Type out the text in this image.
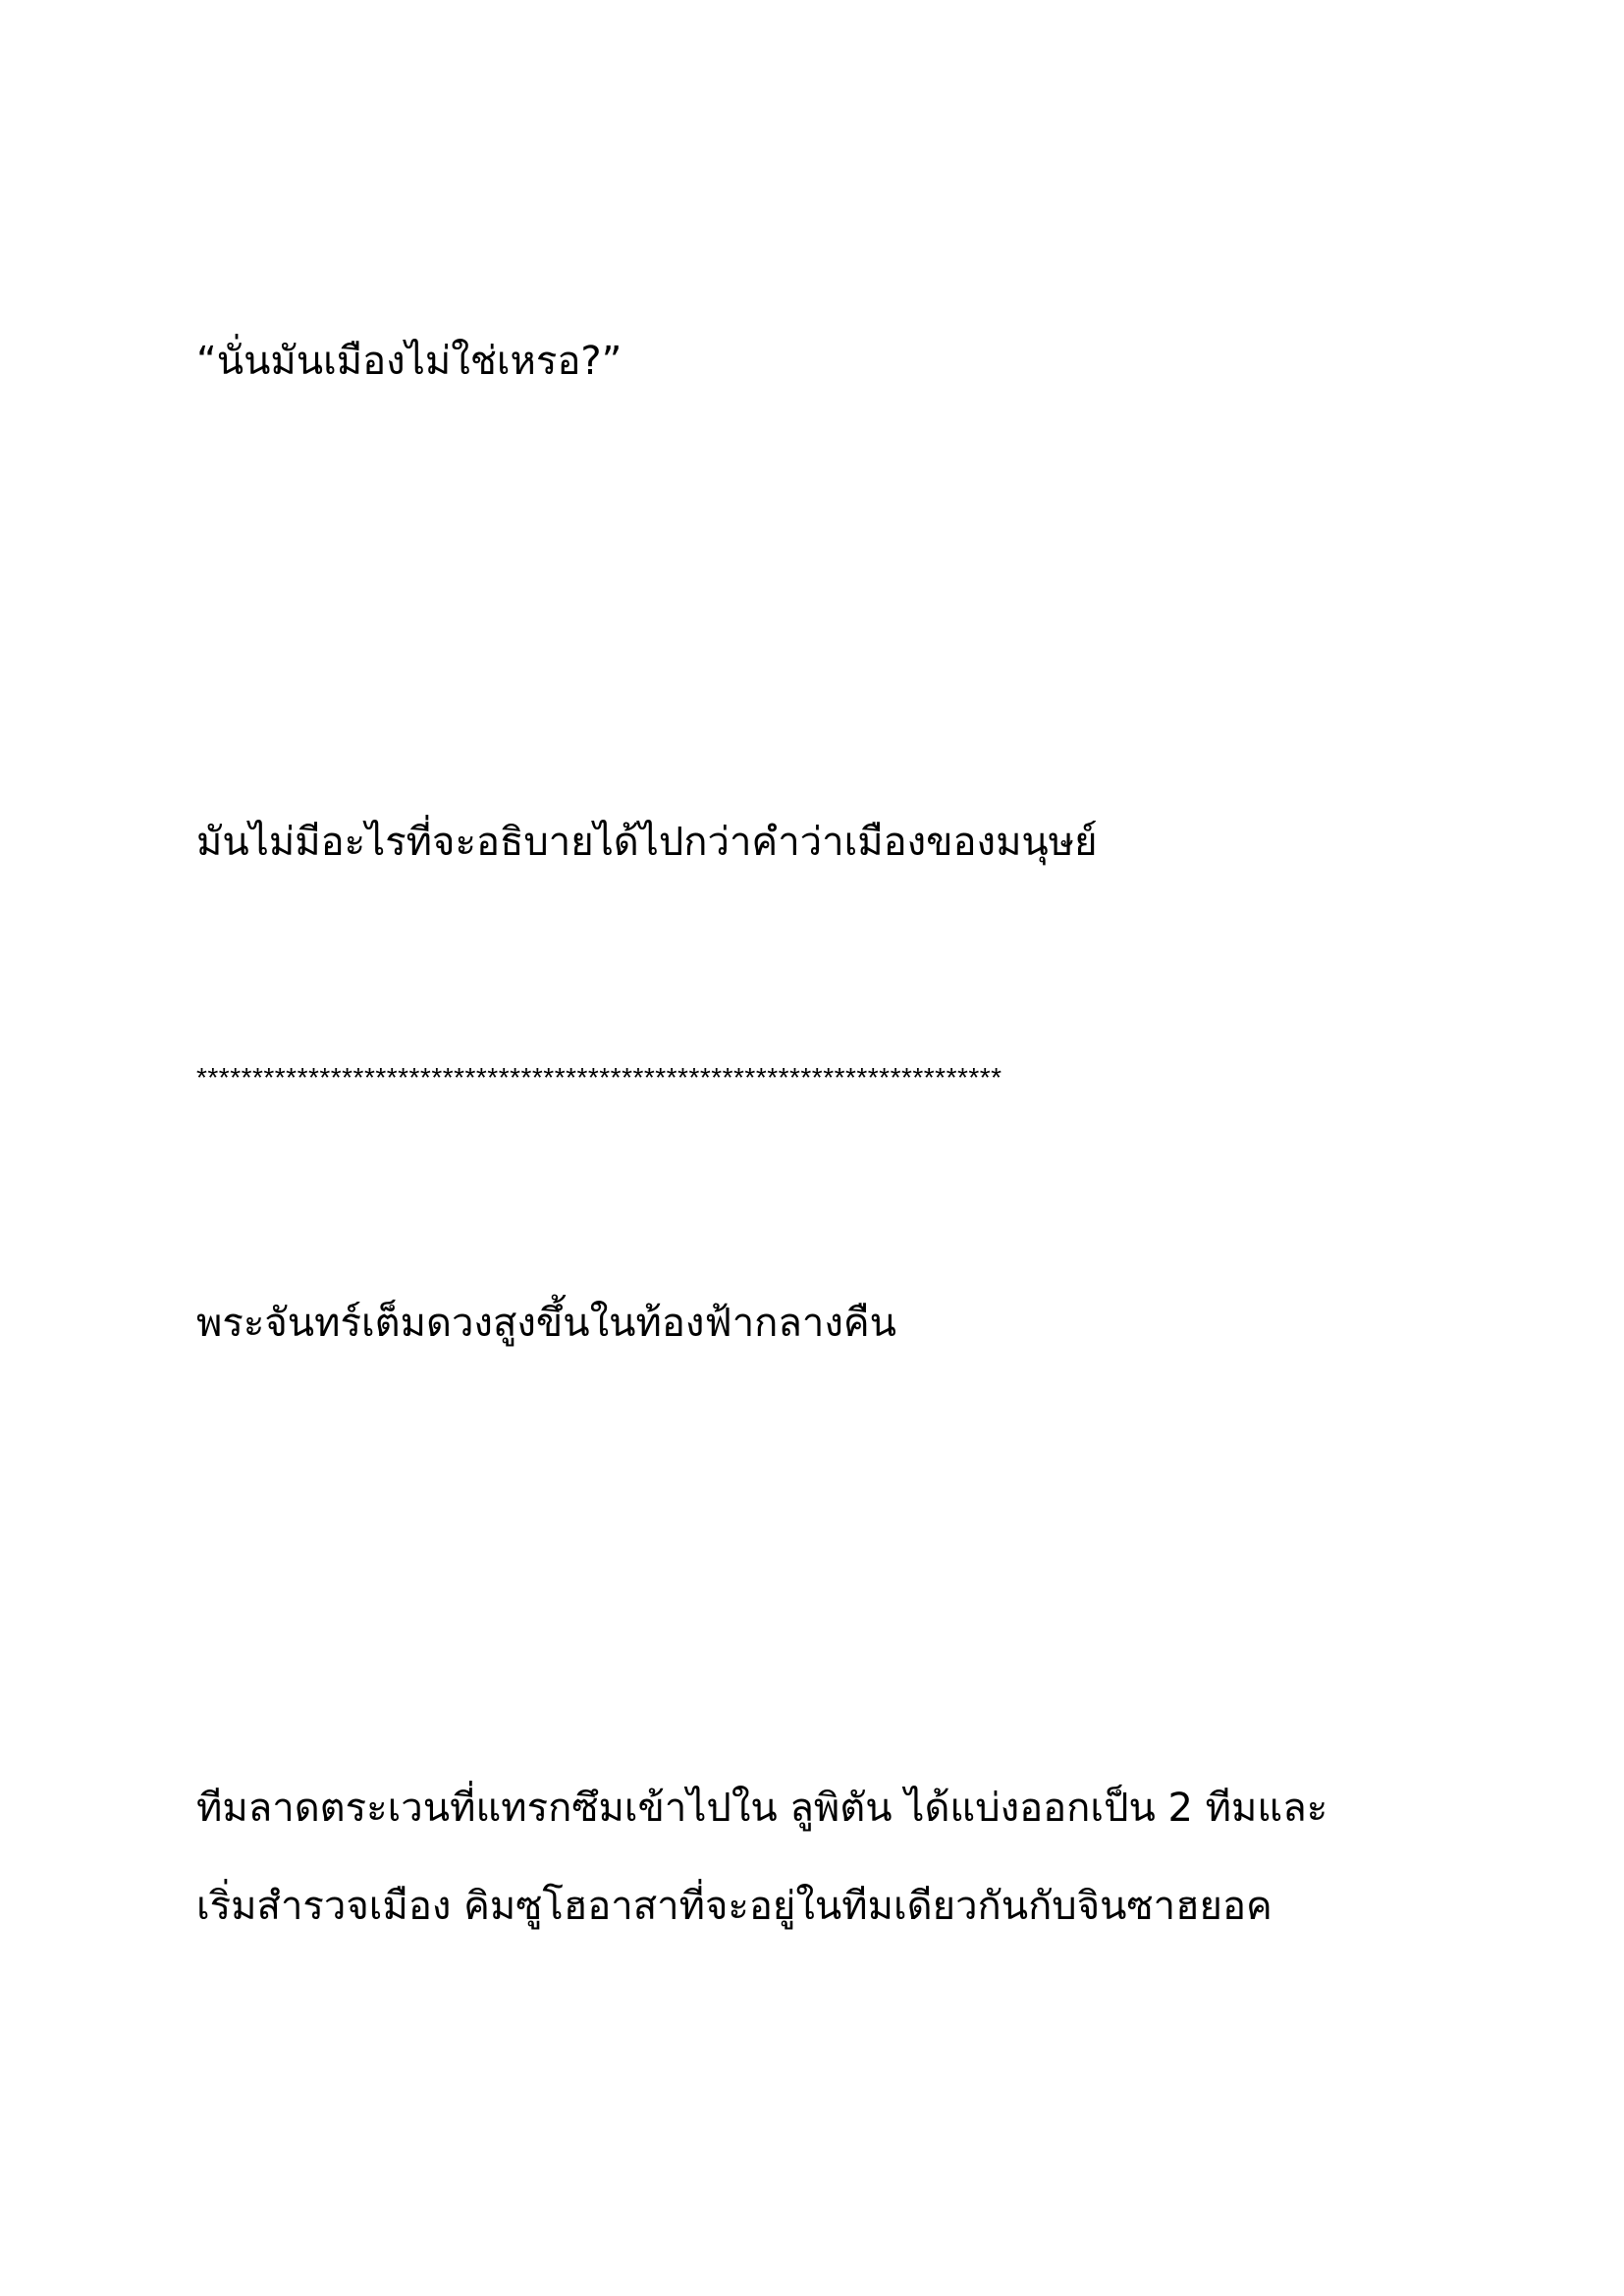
“นั่นมันเมืองไม่ใช่เหรอ?”

มันไม่มีอะไรที่จะอธิบายได้ไปกว่าคำว่าเมืองของมนุษย์

************************************************************************

พระจันทร์เต็มดวงสูงขึ้นในท้องฟ้ากลางคืน

ทีมลาดตระเวนที่แทรกซึมเข้าไปใน ลูพิตัน ได้แบ่งออกเป็น 2 ทีมและ

เริ่มสำรวจเมือง คิมซูโฮอาสาที่จะอยู่ในทีมเดียวกันกับจินซาฮยอค
